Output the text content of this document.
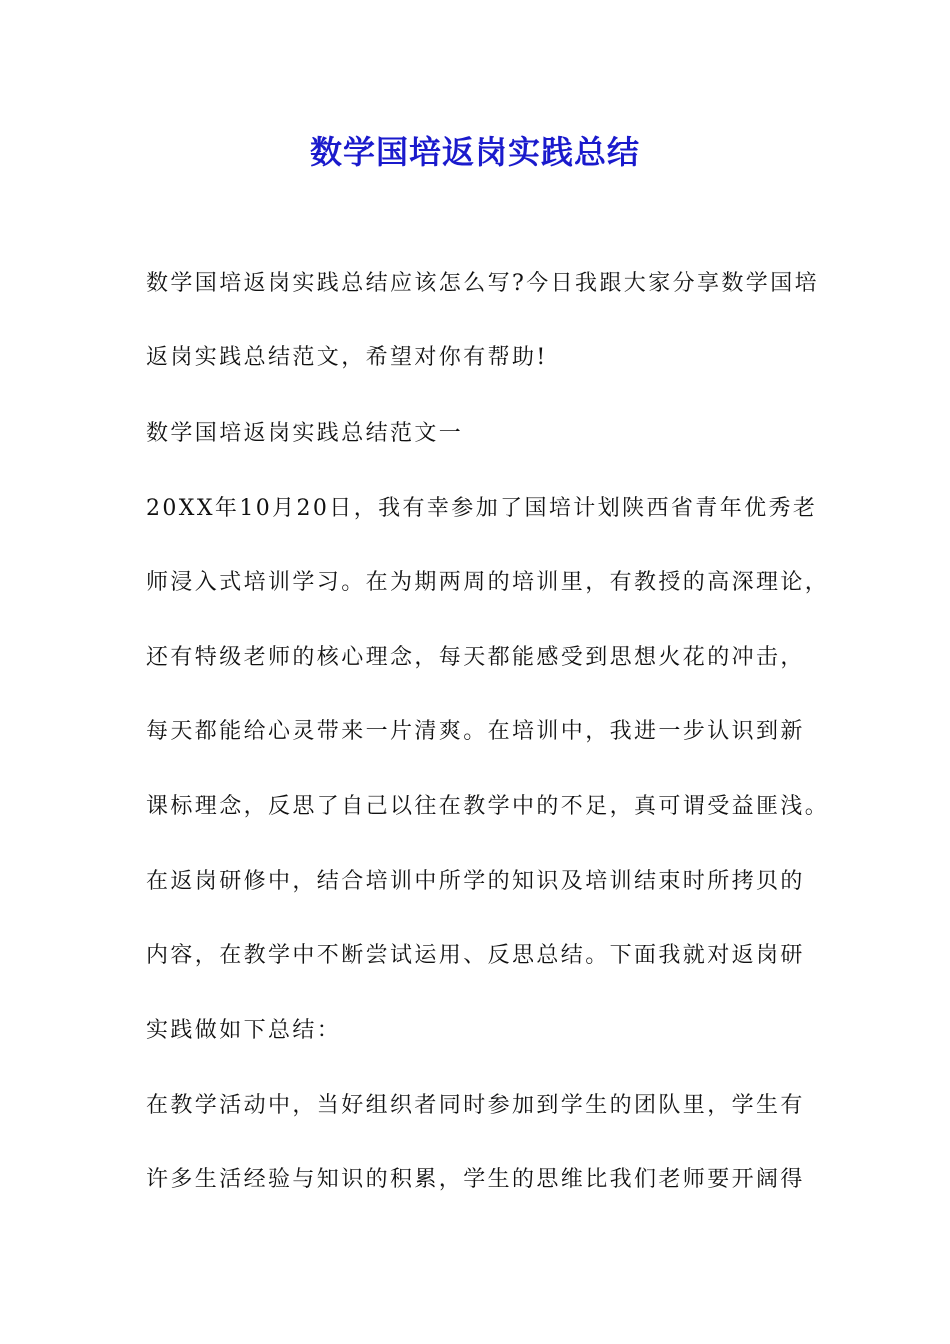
数学国培返岗实践总结
数学国培返岗实践总结应该怎么写?今日我跟大家分享数学国培
返岗实践总结范文，希望对你有帮助!
数学国培返岗实践总结范文一
20XX年10月20日，我有幸参加了国培计划陕西省青年优秀老
师浸入式培训学习。在为期两周的培训里，有教授的高深理论，
还有特级老师的核心理念，每天都能感受到思想火花的冲击，
每天都能给心灵带来一片清爽。在培训中，我进一步认识到新
课标理念，反思了自己以往在教学中的不足，真可谓受益匪浅。
在返岗研修中，结合培训中所学的知识及培训结束时所拷贝的
内容，在教学中不断尝试运用、反思总结。下面我就对返岗研
实践做如下总结：
在教学活动中，当好组织者同时参加到学生的团队里，学生有
许多生活经验与知识的积累，学生的思维比我们老师要开阔得
